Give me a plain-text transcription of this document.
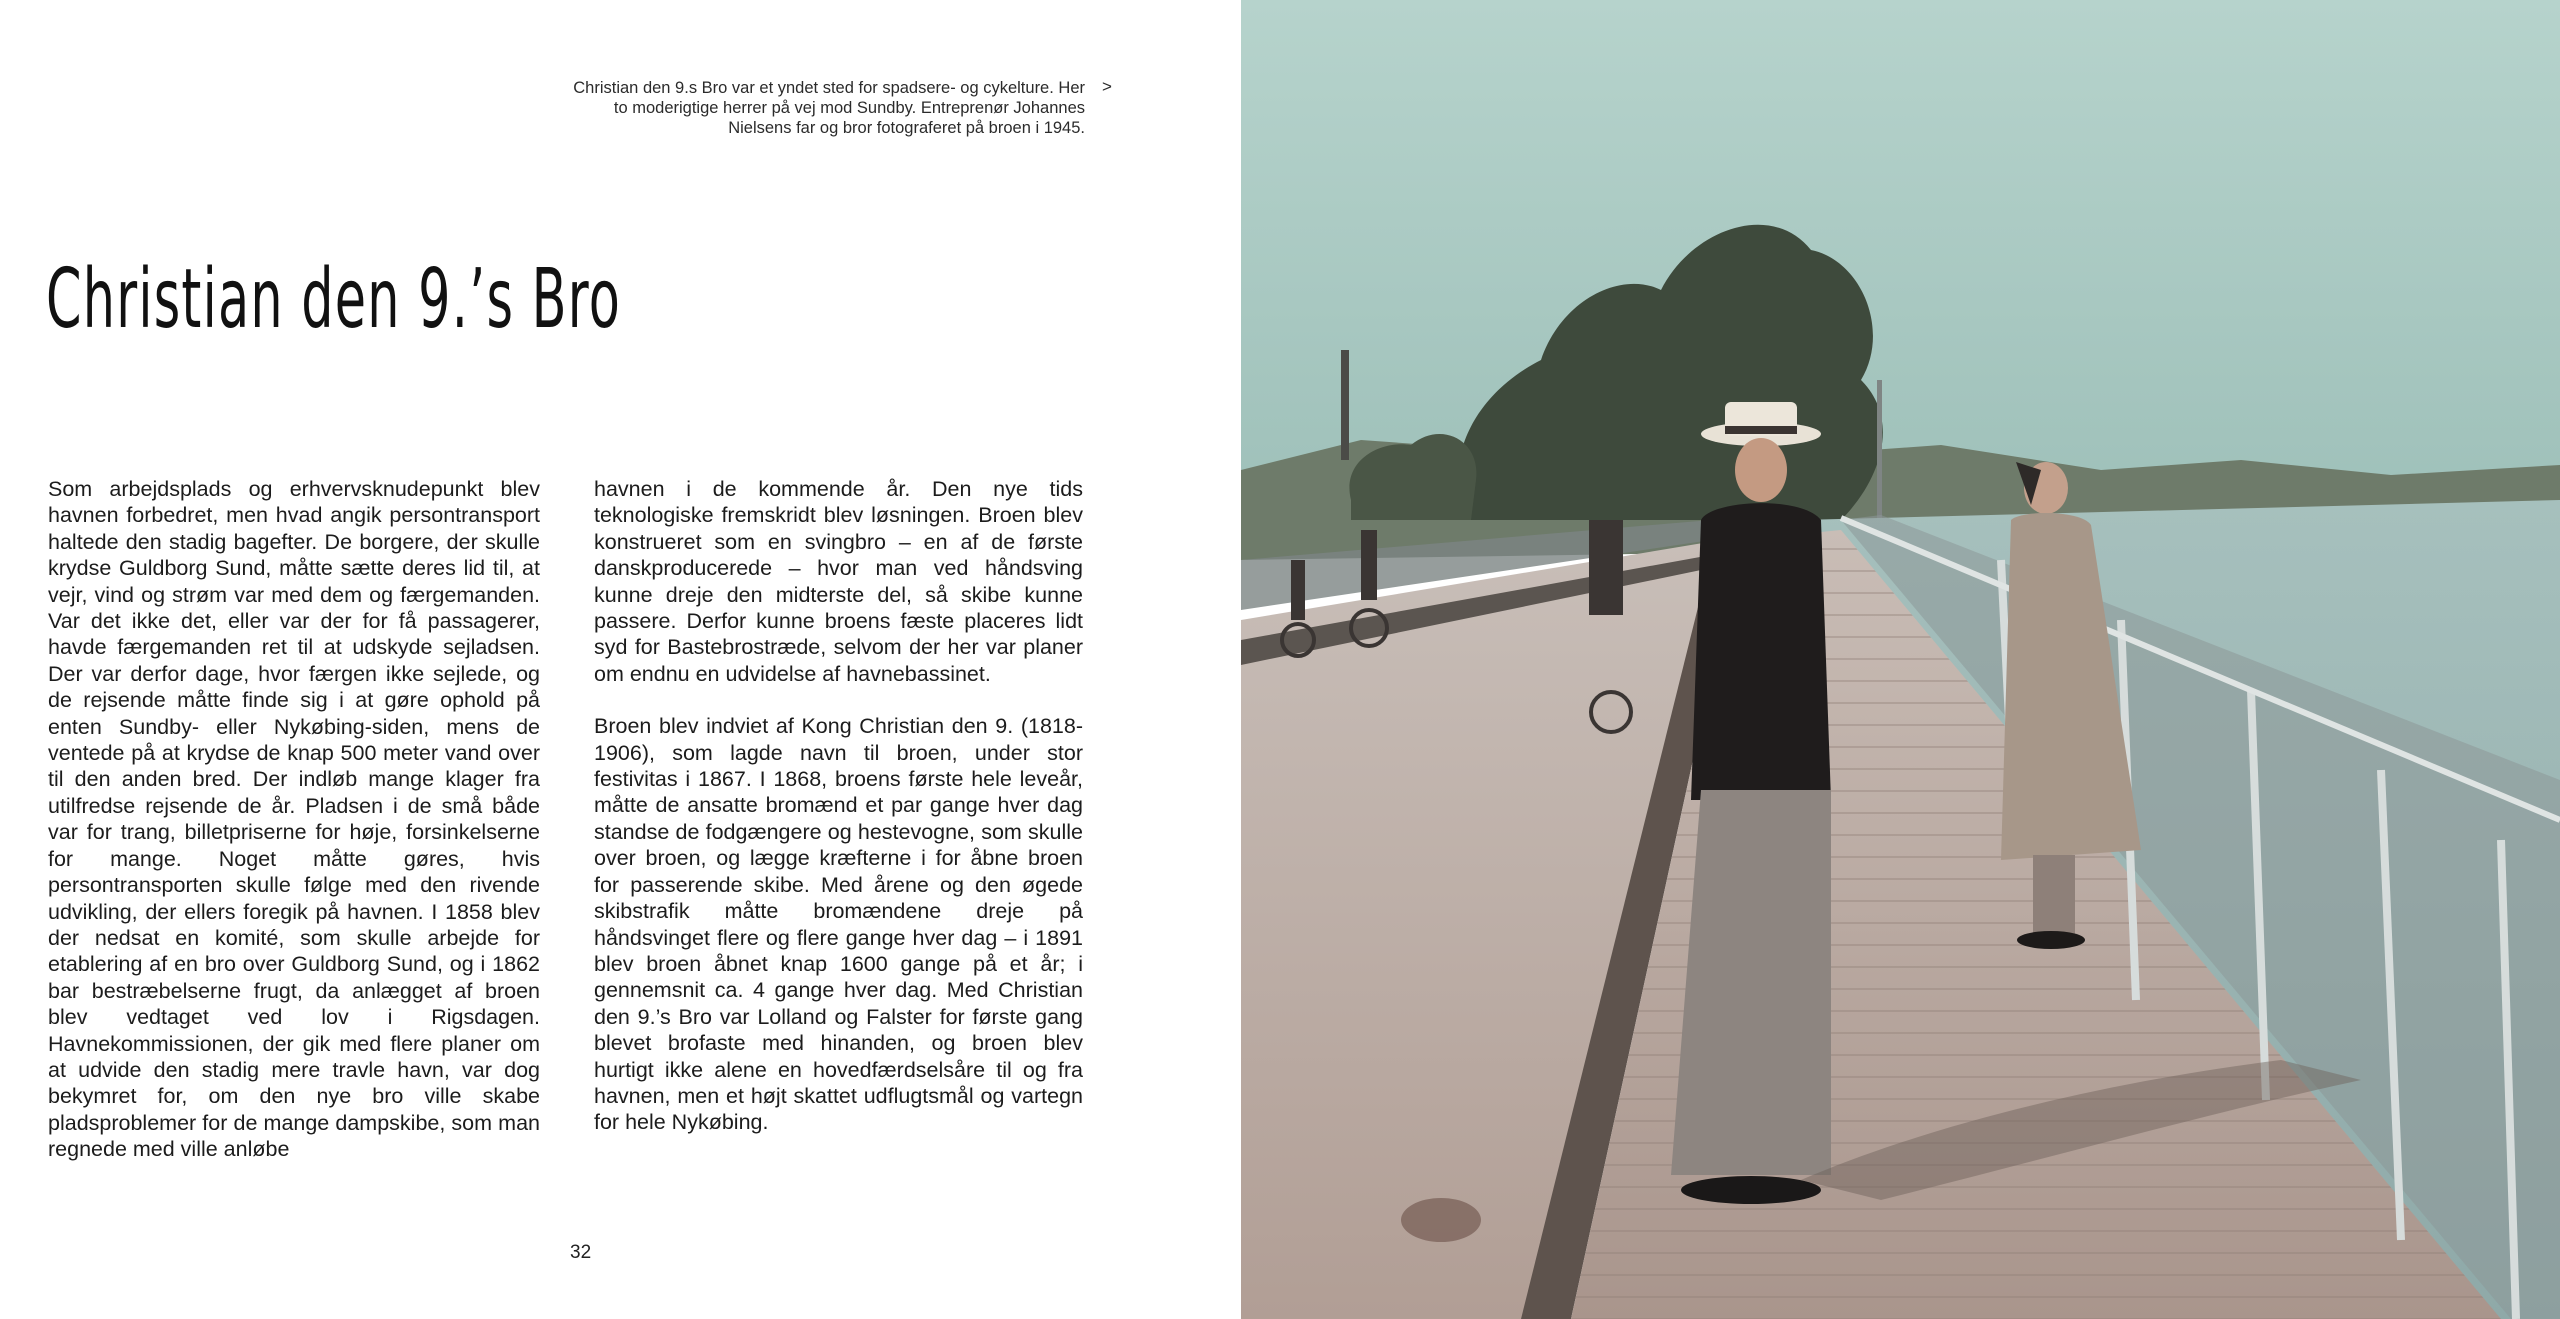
Christian den 9.s Bro var et yndet sted for spadsere- og cykelture. Her to moderigtige herrer på vej mod Sundby. Entreprenør Johannes Nielsens far og bror fotograferet på broen i 1945.
>
Christian den 9.’s Bro

Som arbejdsplads og erhvervsknudepunkt blev havnen forbedret, men hvad angik persontransport haltede den stadig bagefter. De borgere, der skulle krydse Guldborg Sund, måtte sætte deres lid til, at vejr, vind og strøm var med dem og færgemanden. Var det ikke det, eller var der for få passagerer, havde færgemanden ret til at udskyde sejladsen. Der var derfor dage, hvor færgen ikke sejlede, og de rejsende måtte finde sig i at gøre ophold på enten Sundby- eller Nykøbing-siden, mens de ventede på at krydse de knap 500 meter vand over til den anden bred. Der indløb mange klager fra utilfredse rejsende de år. Pladsen i de små både var for trang, billetpriserne for høje, forsinkelserne for mange. Noget måtte gøres, hvis persontransporten skulle følge med den rivende udvikling, der ellers foregik på havnen. I 1858 blev der nedsat en komité, som skulle arbejde for etablering af en bro over Guldborg Sund, og i 1862 bar bestræbelserne frugt, da anlægget af broen blev vedtaget ved lov i Rigsdagen. Havnekommissionen, der gik med flere planer om at udvide den stadig mere travle havn, var dog bekymret for, om den nye bro ville skabe pladsproblemer for de mange dampskibe, som man regnede med ville anløbe

havnen i de kommende år. Den nye tids teknologiske fremskridt blev løsningen. Broen blev konstrueret som en svingbro – en af de første danskproducerede – hvor man ved håndsving kunne dreje den midterste del, så skibe kunne passere. Derfor kunne broens fæste placeres lidt syd for Bastebrostræde, selvom der her var planer om endnu en udvidelse af havnebassinet.

Broen blev indviet af Kong Christian den 9. (1818-1906), som lagde navn til broen, under stor festivitas i 1867. I 1868, broens første hele leveår, måtte de ansatte bromænd et par gange hver dag standse de fodgængere og hestevogne, som skulle over broen, og lægge kræfterne i for åbne broen for passerende skibe. Med årene og den øgede skibstrafik måtte bromændene dreje på håndsvinget flere og flere gange hver dag – i 1891 blev broen åbnet knap 1600 gange på et år; i gennemsnit ca. 4 gange hver dag. Med Christian den 9.’s Bro var Lolland og Falster for første gang blevet brofaste med hinanden, og broen blev hurtigt ikke alene en hovedfærdselsåre til og fra havnen, men et højt skattet udflugtsmål og vartegn for hele Nykøbing.

32
